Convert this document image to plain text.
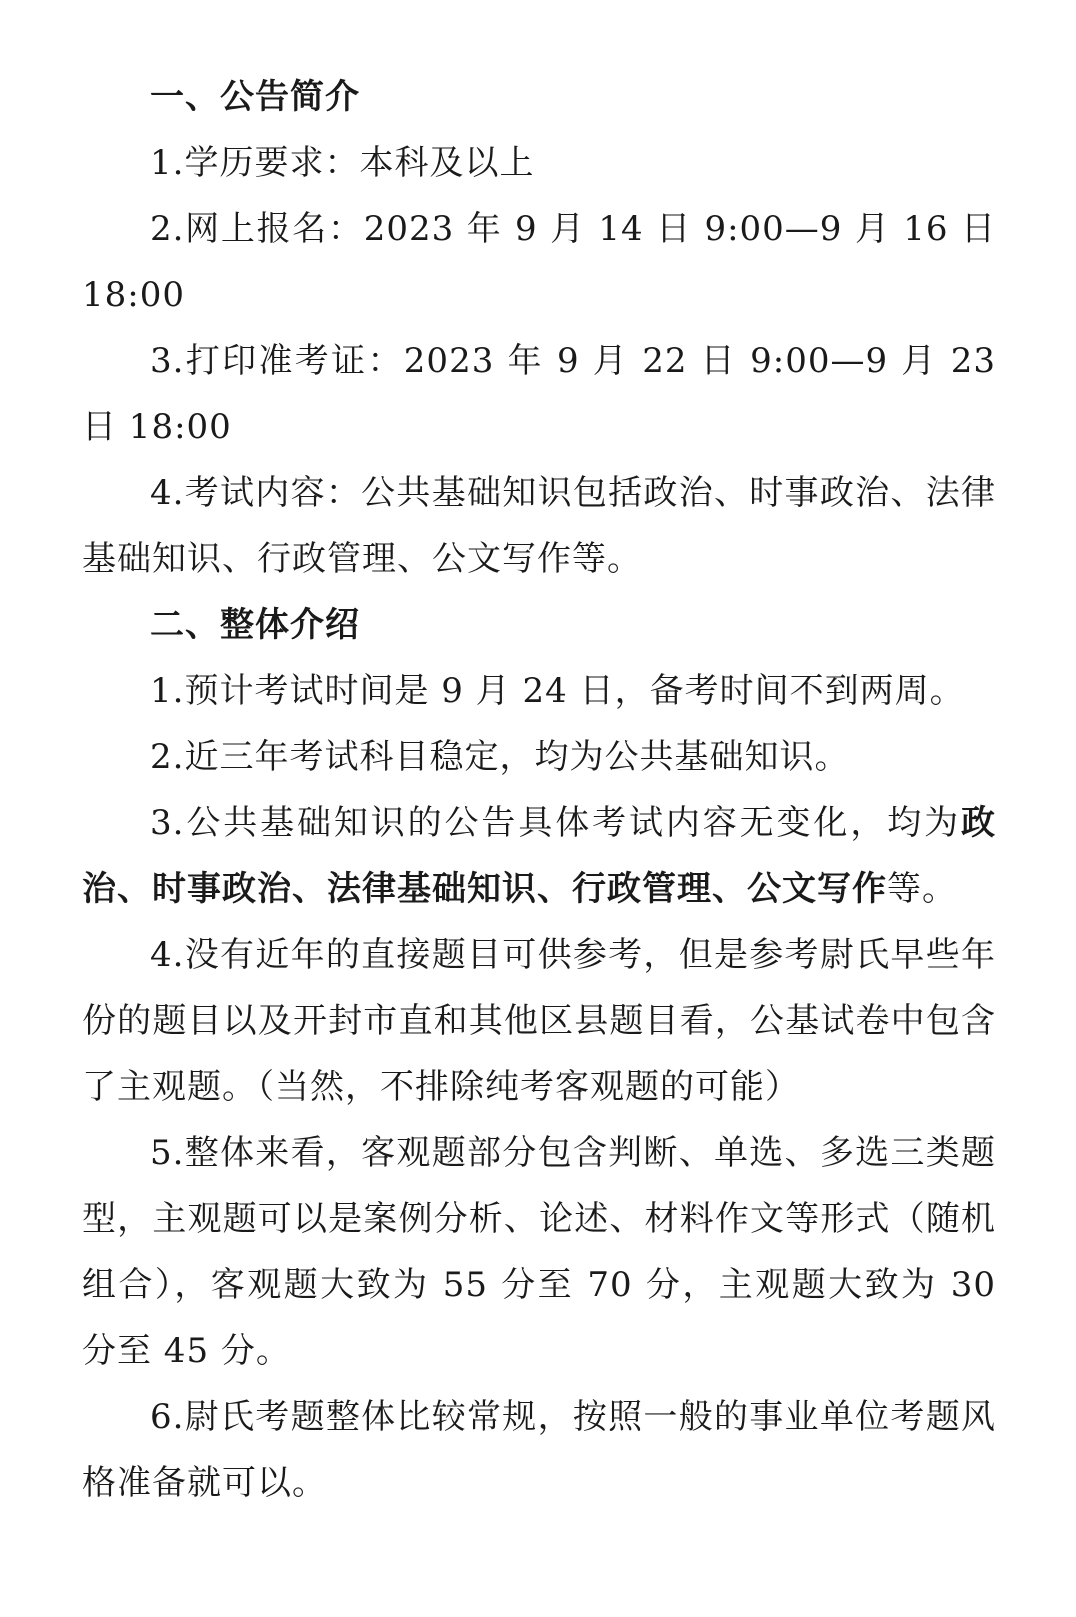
一、公告简介

1.学历要求：本科及以上

2.网上报名：2023 年 9 月 14 日 9:00—9 月 16 日 18:00

3.打印准考证：2023 年 9 月 22 日 9:00—9 月 23 日 18:00

4.考试内容：公共基础知识包括政治、时事政治、法律基础知识、行政管理、公文写作等。

二、整体介绍

1.预计考试时间是 9 月 24 日，备考时间不到两周。

2.近三年考试科目稳定，均为公共基础知识。

3.公共基础知识的公告具体考试内容无变化，均为政治、时事政治、法律基础知识、行政管理、公文写作等。

4.没有近年的直接题目可供参考，但是参考尉氏早些年份的题目以及开封市直和其他区县题目看，公基试卷中包含了主观题。（当然，不排除纯考客观题的可能）

5.整体来看，客观题部分包含判断、单选、多选三类题型，主观题可以是案例分析、论述、材料作文等形式（随机组合），客观题大致为 55 分至 70 分，主观题大致为 30 分至 45 分。

6.尉氏考题整体比较常规，按照一般的事业单位考题风格准备就可以。
